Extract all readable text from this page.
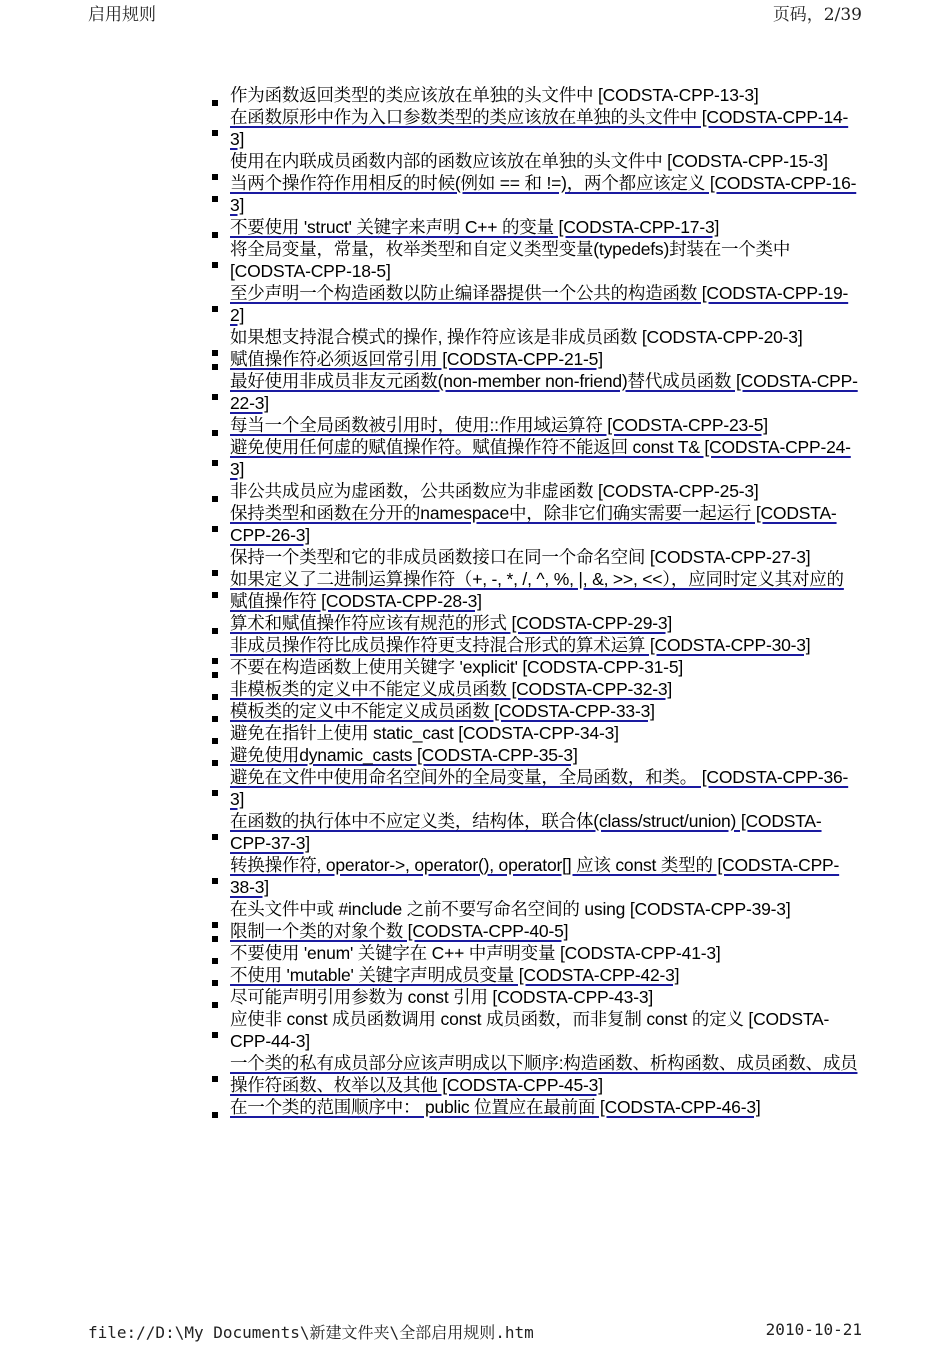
启用规则	页码，2/39
作为函数返回类型的类应该放在单独的头文件中 [CODSTA-CPP-13-3]
在函数原形中作为入口参数类型的类应该放在单独的头文件中 [CODSTA-CPP-14-3]
使用在内联成员函数内部的函数应该放在单独的头文件中 [CODSTA-CPP-15-3]
当两个操作符作用相反的时候(例如 == 和 !=)，两个都应该定义 [CODSTA-CPP-16-3]
不要使用 'struct' 关键字来声明 C++ 的变量 [CODSTA-CPP-17-3]
将全局变量，常量，枚举类型和自定义类型变量(typedefs)封装在一个类中 [CODSTA-CPP-18-5]
至少声明一个构造函数以防止编译器提供一个公共的构造函数 [CODSTA-CPP-19-2]
如果想支持混合模式的操作, 操作符应该是非成员函数 [CODSTA-CPP-20-3]
赋值操作符必须返回常引用 [CODSTA-CPP-21-5]
最好使用非成员非友元函数(non-member non-friend)替代成员函数 [CODSTA-CPP-22-3]
每当一个全局函数被引用时，使用::作用域运算符 [CODSTA-CPP-23-5]
避免使用任何虚的赋值操作符。赋值操作符不能返回 const T& [CODSTA-CPP-24-3]
非公共成员应为虚函数，公共函数应为非虚函数 [CODSTA-CPP-25-3]
保持类型和函数在分开的namespace中，除非它们确实需要一起运行 [CODSTA-CPP-26-3]
保持一个类型和它的非成员函数接口在同一个命名空间 [CODSTA-CPP-27-3]
如果定义了二进制运算操作符（+, -, *, /, ^, %, |, &, >>, <<），应同时定义其对应的赋值操作符 [CODSTA-CPP-28-3]
算术和赋值操作符应该有规范的形式 [CODSTA-CPP-29-3]
非成员操作符比成员操作符更支持混合形式的算术运算 [CODSTA-CPP-30-3]
不要在构造函数上使用关键字 'explicit' [CODSTA-CPP-31-5]
非模板类的定义中不能定义成员函数 [CODSTA-CPP-32-3]
模板类的定义中不能定义成员函数 [CODSTA-CPP-33-3]
避免在指针上使用 static_cast [CODSTA-CPP-34-3]
避免使用dynamic_casts [CODSTA-CPP-35-3]
避免在文件中使用命名空间外的全局变量，全局函数，和类。 [CODSTA-CPP-36-3]
在函数的执行体中不应定义类，结构体，联合体(class/struct/union) [CODSTA-CPP-37-3]
转换操作符, operator->, operator(), operator[] 应该 const 类型的 [CODSTA-CPP-38-3]
在头文件中或 #include 之前不要写命名空间的 using [CODSTA-CPP-39-3]
限制一个类的对象个数 [CODSTA-CPP-40-5]
不要使用 'enum' 关键字在 C++ 中声明变量 [CODSTA-CPP-41-3]
不使用 'mutable' 关键字声明成员变量 [CODSTA-CPP-42-3]
尽可能声明引用参数为 const 引用 [CODSTA-CPP-43-3]
应使非 const 成员函数调用 const 成员函数，而非复制 const 的定义 [CODSTA-CPP-44-3]
一个类的私有成员部分应该声明成以下顺序:构造函数、析构函数、成员函数、成员操作符函数、枚举以及其他 [CODSTA-CPP-45-3]
在一个类的范围顺序中： public 位置应在最前面 [CODSTA-CPP-46-3]
file://D:\My Documents\新建文件夹\全部启用规则.htm	2010-10-21
